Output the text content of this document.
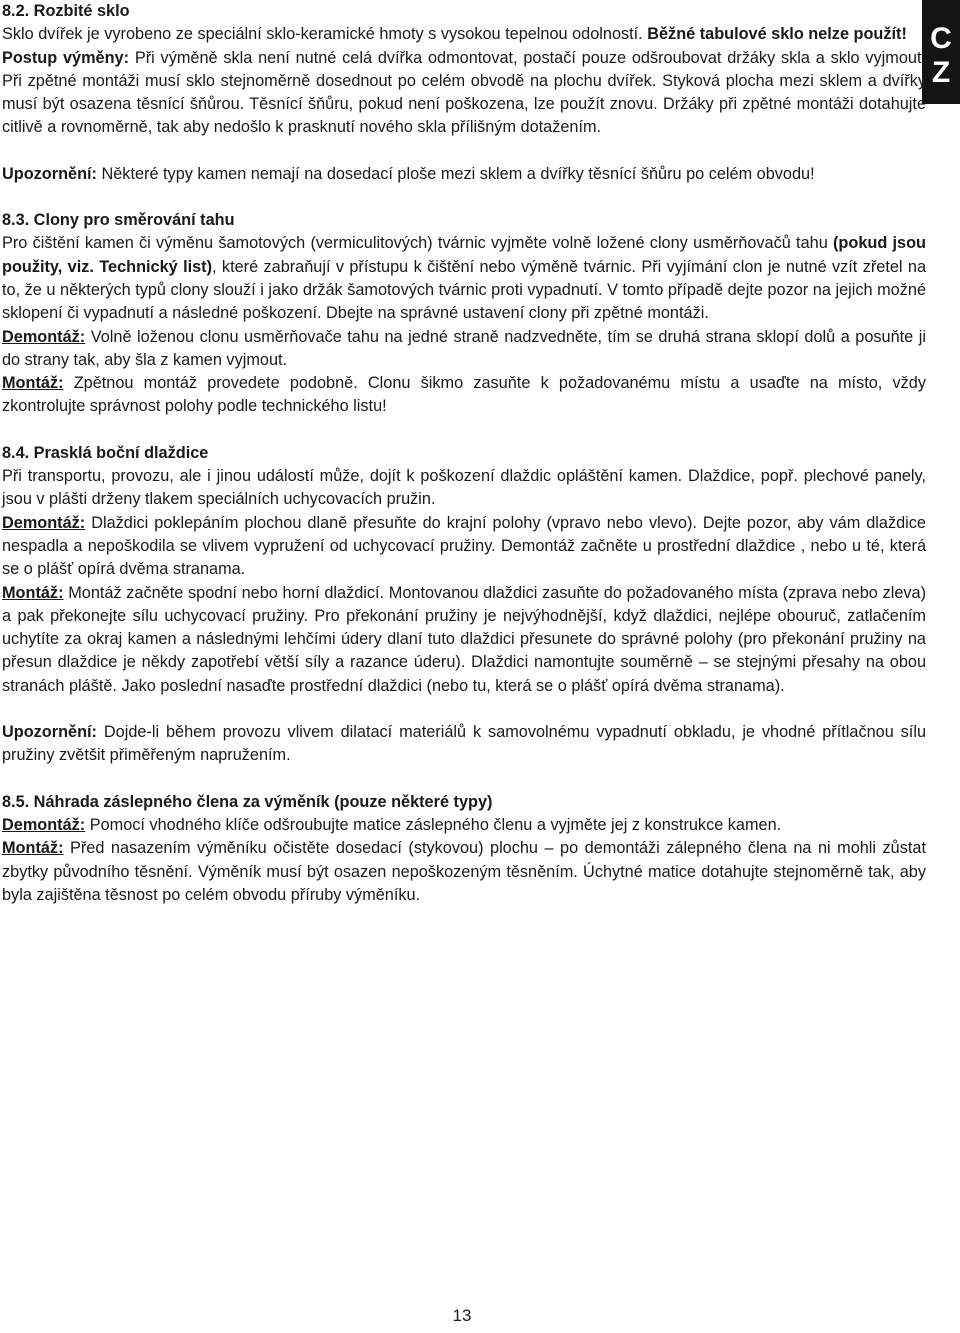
C
Z

8.2. Rozbité sklo

Sklo dvířek je vyrobeno ze speciální sklo-keramické hmoty s vysokou tepelnou odolností. Běžné tabulové sklo nelze použít!
Postup výměny: Při výměně skla není nutné celá dvířka odmontovat, postačí pouze odšroubovat držáky skla a sklo vyjmout. Při zpětné montáži musí sklo stejnoměrně dosednout po celém obvodě na plochu dvířek. Styková plocha mezi sklem a dvířky musí být osazena těsnící šňůrou. Těsnící šňůru, pokud není poškozena, lze použít znovu. Držáky při zpětné montáži dotahujte citlivě a rovnoměrně, tak aby nedošlo k prasknutí nového skla přílišným dotažením.

Upozornění: Některé typy kamen nemají na dosedací ploše mezi sklem a dvířky těsnící šňůru po celém obvodu!

8.3. Clony pro směrování tahu

Pro čištění kamen či výměnu šamotových (vermiculitových) tvárnic vyjměte volně ložené clony usměrňovačů tahu (pokud jsou použity, viz. Technický list), které zabraňují v přístupu k čištění nebo výměně tvárnic. Při vyjímání clon je nutné vzít zřetel na to, že u některých typů clony slouží i jako držák šamotových tvárnic proti vypadnutí. V tomto případě dejte pozor na jejich možné sklopení či vypadnutí a následné poškození. Dbejte na správné ustavení clony při zpětné montáži.

Demontáž: Volně loženou clonu usměrňovače tahu na jedné straně nadzvedněte, tím se druhá strana sklopí dolů a posuňte ji do strany tak, aby šla z kamen vyjmout.

Montáž: Zpětnou montáž provedete podobně. Clonu šikmo zasuňte k požadovanému místu a usaďte na místo, vždy zkontrolujte správnost polohy podle technického listu!

8.4. Prasklá boční dlaždice

Při transportu, provozu, ale i jinou událostí může, dojít k poškození dlaždic opláštění kamen. Dlaždice, popř. plechové panely, jsou v plášti drženy tlakem speciálních uchycovacích pružin.

Demontáž: Dlaždici poklepáním plochou dlaně přesuňte do krajní polohy (vpravo nebo vlevo). Dejte pozor, aby vám dlaždice nespadla a nepoškodila se vlivem vypružení od uchycovací pružiny. Demontáž začněte u prostřední dlaždice , nebo u té, která se o plášť opírá dvěma stranama.

Montáž: Montáž začněte spodní nebo horní dlaždicí. Montovanou dlaždici zasuňte do požadovaného místa (zprava nebo zleva) a pak překonejte sílu uchycovací pružiny. Pro překonání pružiny je nejvýhodnější, když dlaždici, nejlépe obouruč, zatlačením uchytíte za okraj kamen a následnými lehčími údery dlaní tuto dlaždici přesunete do správné polohy (pro překonání pružiny na přesun dlaždice je někdy zapotřebí větší síly a razance úderu). Dlaždici namontujte souměrně – se stejnými přesahy na obou stranách pláště. Jako poslední nasaďte prostřední dlaždici (nebo tu, která se o plášť opírá dvěma stranama).

Upozornění: Dojde-li během provozu vlivem dilatací materiálů k samovolnému vypadnutí obkladu, je vhodné přítlačnou sílu pružiny zvětšit přiměřeným napružením.

8.5. Náhrada záslepného člena za výměník (pouze některé typy)

Demontáž: Pomocí vhodného klíče odšroubujte matice záslepného členu a vyjměte jej z konstrukce kamen.

Montáž: Před nasazením výměníku očistěte dosedací (stykovou) plochu – po demontáži zálepného člena na ni mohli zůstat zbytky původního těsnění. Výměník musí být osazen nepoškozeným těsněním. Úchytné matice dotahujte stejnoměrně tak, aby byla zajištěna těsnost po celém obvodu příruby výměníku.

13
